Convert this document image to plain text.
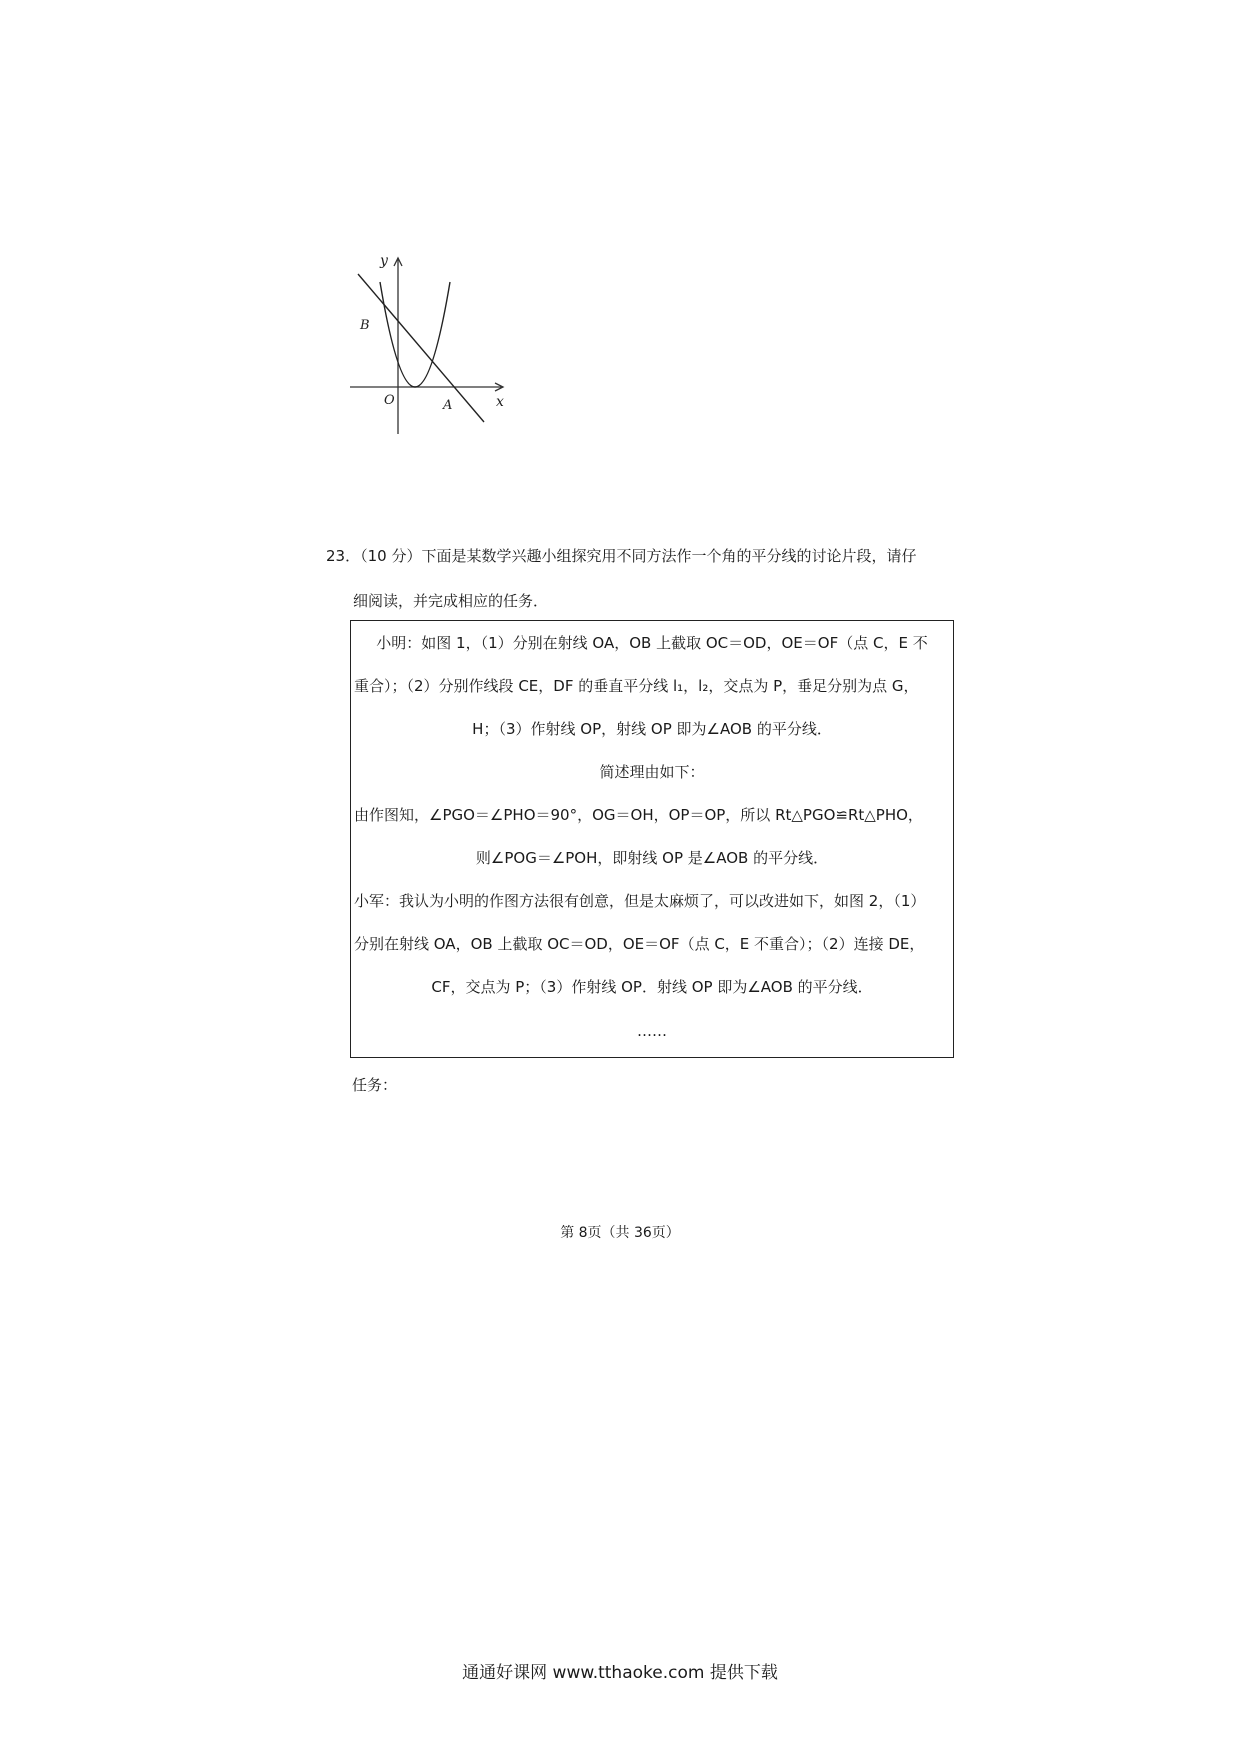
y
x
B
O	A
23．（10 分）下面是某数学兴趣小组探究用不同方法作一个角的平分线的讨论片段，请仔
细阅读，并完成相应的任务．
小明：如图 1，（1）分别在射线 OA，OB 上截取 OC＝OD，OE＝OF（点 C，E 不
重合）；（2）分别作线段 CE，DF 的垂直平分线 l₁，l₂，交点为 P，垂足分别为点 G，
H；（3）作射线 OP，射线 OP 即为∠AOB 的平分线．
简述理由如下：
由作图知，∠PGO＝∠PHO＝90°，OG＝OH，OP＝OP，所以 Rt△PGO≌Rt△PHO，
则∠POG＝∠POH，即射线 OP 是∠AOB 的平分线．
小军：我认为小明的作图方法很有创意，但是太麻烦了，可以改进如下，如图 2，（1）
分别在射线 OA，OB 上截取 OC＝OD，OE＝OF（点 C，E 不重合）；（2）连接 DE，
CF，交点为 P；（3）作射线 OP．射线 OP 即为∠AOB 的平分线．
……
任务：
第 8页（共 36页）
通通好课网 www.tthaoke.com 提供下载
